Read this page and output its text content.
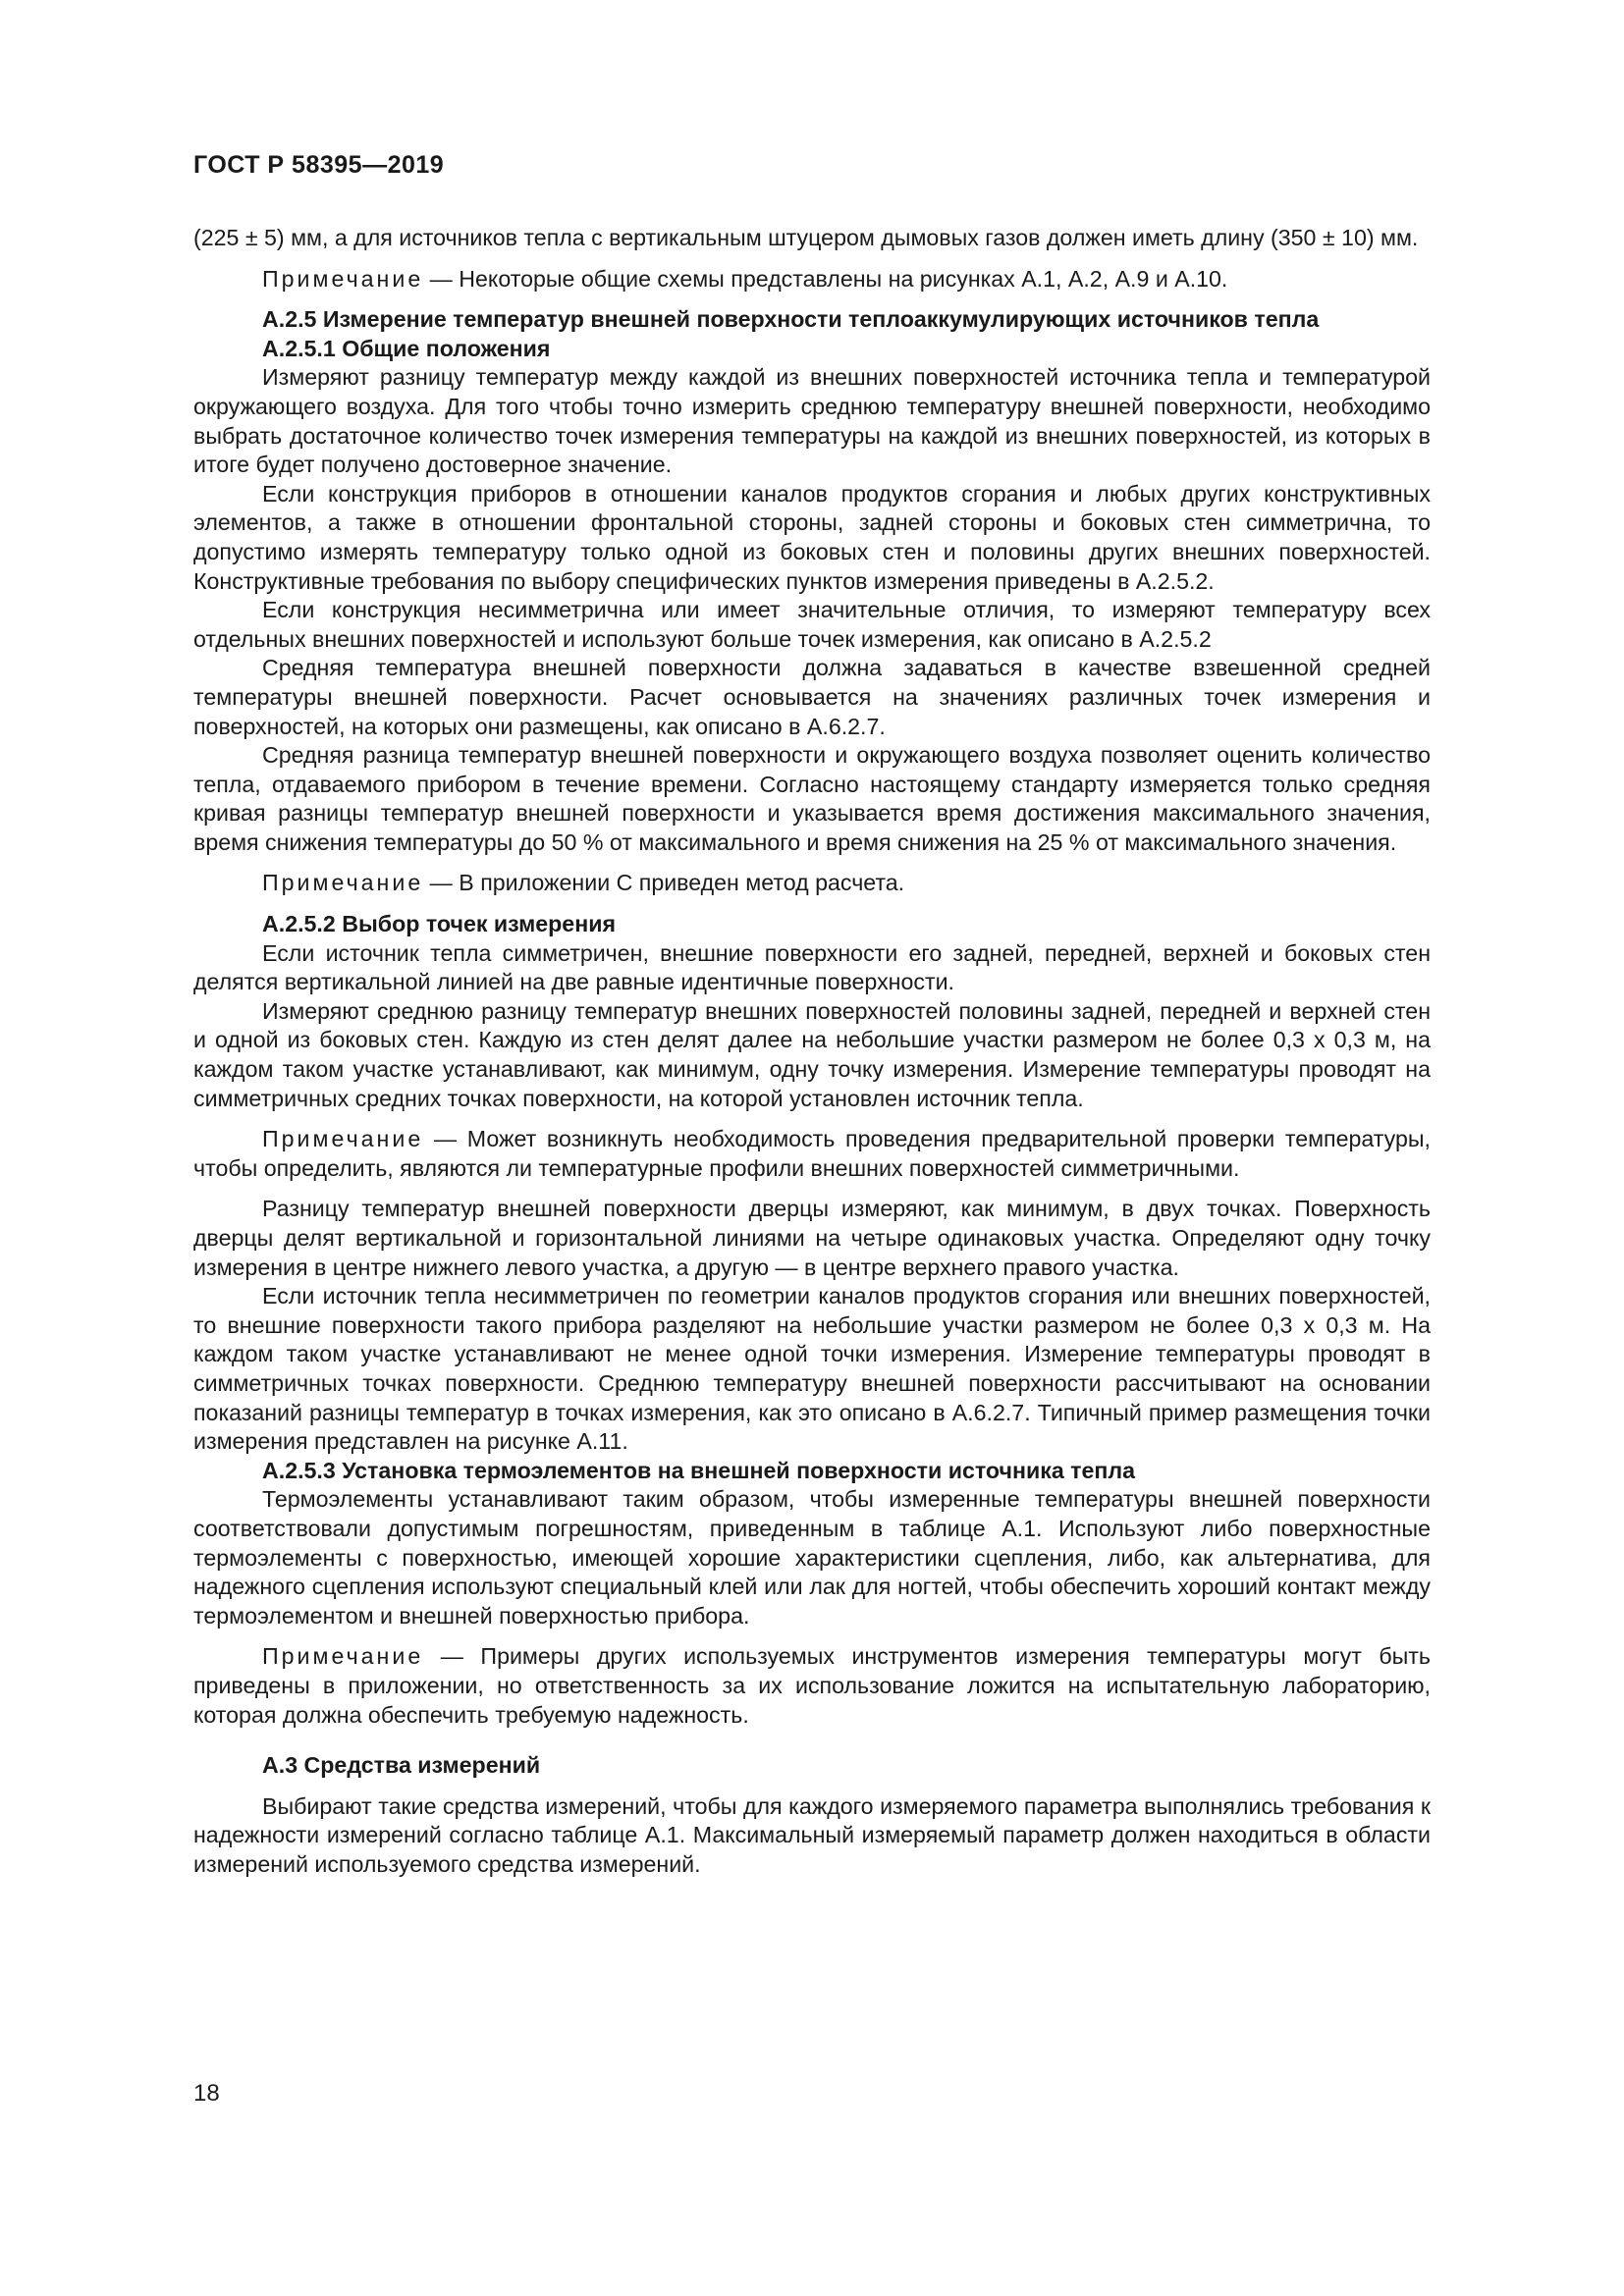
ГОСТ Р 58395—2019

(225 ± 5) мм, а для источников тепла с вертикальным штуцером дымовых газов должен иметь длину (350 ± 10) мм.

Примечание — Некоторые общие схемы представлены на рисунках А.1, А.2, А.9 и А.10.

А.2.5 Измерение температур внешней поверхности теплоаккумулирующих источников тепла
А.2.5.1 Общие положения

Измеряют разницу температур между каждой из внешних поверхностей источника тепла и температурой окружающего воздуха. Для того чтобы точно измерить среднюю температуру внешней поверхности, необходимо выбрать достаточное количество точек измерения температуры на каждой из внешних поверхностей, из которых в итоге будет получено достоверное значение.

Если конструкция приборов в отношении каналов продуктов сгорания и любых других конструктивных элементов, а также в отношении фронтальной стороны, задней стороны и боковых стен симметрична, то допустимо измерять температуру только одной из боковых стен и половины других внешних поверхностей. Конструктивные требования по выбору специфических пунктов измерения приведены в А.2.5.2.

Если конструкция несимметрична или имеет значительные отличия, то измеряют температуру всех отдельных внешних поверхностей и используют больше точек измерения, как описано в А.2.5.2

Средняя температура внешней поверхности должна задаваться в качестве взвешенной средней температуры внешней поверхности. Расчет основывается на значениях различных точек измерения и поверхностей, на которых они размещены, как описано в А.6.2.7.

Средняя разница температур внешней поверхности и окружающего воздуха позволяет оценить количество тепла, отдаваемого прибором в течение времени. Согласно настоящему стандарту измеряется только средняя кривая разницы температур внешней поверхности и указывается время достижения максимального значения, время снижения температуры до 50 % от максимального и время снижения на 25 % от максимального значения.

Примечание — В приложении С приведен метод расчета.

А.2.5.2 Выбор точек измерения

Если источник тепла симметричен, внешние поверхности его задней, передней, верхней и боковых стен делятся вертикальной линией на две равные идентичные поверхности.

Измеряют среднюю разницу температур внешних поверхностей половины задней, передней и верхней стен и одной из боковых стен. Каждую из стен делят далее на небольшие участки размером не более 0,3 х 0,3 м, на каждом таком участке устанавливают, как минимум, одну точку измерения. Измерение температуры проводят на симметричных средних точках поверхности, на которой установлен источник тепла.

Примечание — Может возникнуть необходимость проведения предварительной проверки температуры, чтобы определить, являются ли температурные профили внешних поверхностей симметричными.

Разницу температур внешней поверхности дверцы измеряют, как минимум, в двух точках. Поверхность дверцы делят вертикальной и горизонтальной линиями на четыре одинаковых участка. Определяют одну точку измерения в центре нижнего левого участка, а другую — в центре верхнего правого участка.

Если источник тепла несимметричен по геометрии каналов продуктов сгорания или внешних поверхностей, то внешние поверхности такого прибора разделяют на небольшие участки размером не более 0,3 х 0,3 м. На каждом таком участке устанавливают не менее одной точки измерения. Измерение температуры проводят в симметричных точках поверхности. Среднюю температуру внешней поверхности рассчитывают на основании показаний разницы температур в точках измерения, как это описано в А.6.2.7. Типичный пример размещения точки измерения представлен на рисунке А.11.

А.2.5.3 Установка термоэлементов на внешней поверхности источника тепла

Термоэлементы устанавливают таким образом, чтобы измеренные температуры внешней поверхности соответствовали допустимым погрешностям, приведенным в таблице А.1. Используют либо поверхностные термоэлементы с поверхностью, имеющей хорошие характеристики сцепления, либо, как альтернатива, для надежного сцепления используют специальный клей или лак для ногтей, чтобы обеспечить хороший контакт между термоэлементом и внешней поверхностью прибора.

Примечание — Примеры других используемых инструментов измерения температуры могут быть приведены в приложении, но ответственность за их использование ложится на испытательную лабораторию, которая должна обеспечить требуемую надежность.

А.3 Средства измерений

Выбирают такие средства измерений, чтобы для каждого измеряемого параметра выполнялись требования к надежности измерений согласно таблице А.1. Максимальный измеряемый параметр должен находиться в области измерений используемого средства измерений.

18
